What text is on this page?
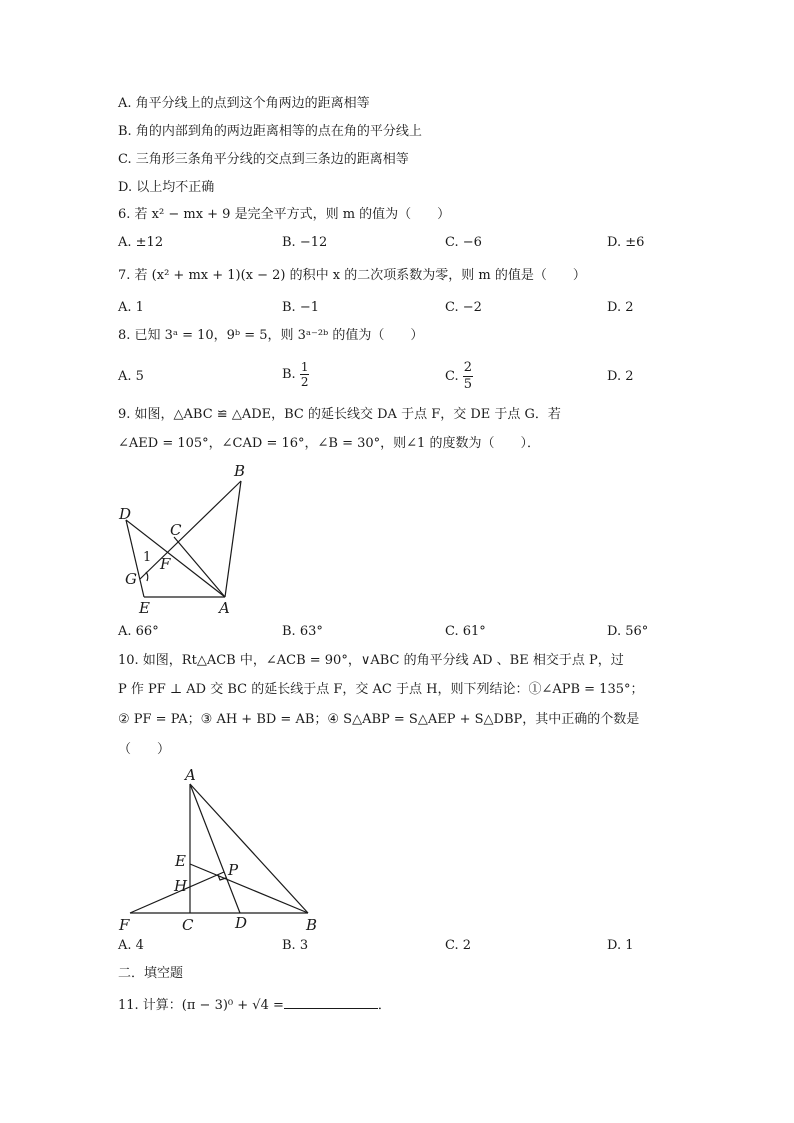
A. 角平分线上的点到这个角两边的距离相等
B. 角的内部到角的两边距离相等的点在角的平分线上
C. 三角形三条角平分线的交点到三条边的距离相等
D. 以上均不正确
6. 若 x² − mx + 9 是完全平方式，则 m 的值为（　　）
A. ±12	B. −12	C. −6	D. ±6
7. 若 (x² + mx + 1)(x − 2) 的积中 x 的二次项系数为零，则 m 的值是（　　）
A. 1	B. −1	C. −2	D. 2
8. 已知 3ᵃ = 10，9ᵇ = 5，则 3ᵃ⁻²ᵇ 的值为（　　）
A. 5	B. $\frac{1}{2}$	C. $\frac{2}{5}$	D. 2
9. 如图，△ABC ≌ △ADE，BC 的延长线交 DA 于点 F，交 DE 于点 G．若
∠AED = 105°，∠CAD = 16°，∠B = 30°，则∠1 的度数为（　　）．
B
D
C
1 F
G
E	A
A. 66°	B. 63°	C. 61°	D. 56°
10. 如图，Rt△ACB 中，∠ACB = 90°，∨ABC 的角平分线 AD 、BE 相交于点 P，过
P 作 PF ⊥ AD 交 BC 的延长线于点 F，交 AC 于点 H，则下列结论：①∠APB = 135°；
② PF = PA；③ AH + BD = AB；④ S△ABP = S△AEP + S△DBP，其中正确的个数是
（　　）
A
E	P
H
F	C	D	B
A. 4	B. 3	C. 2	D. 1
二．填空题
11. 计算：(π − 3)⁰ + √4 =	．
